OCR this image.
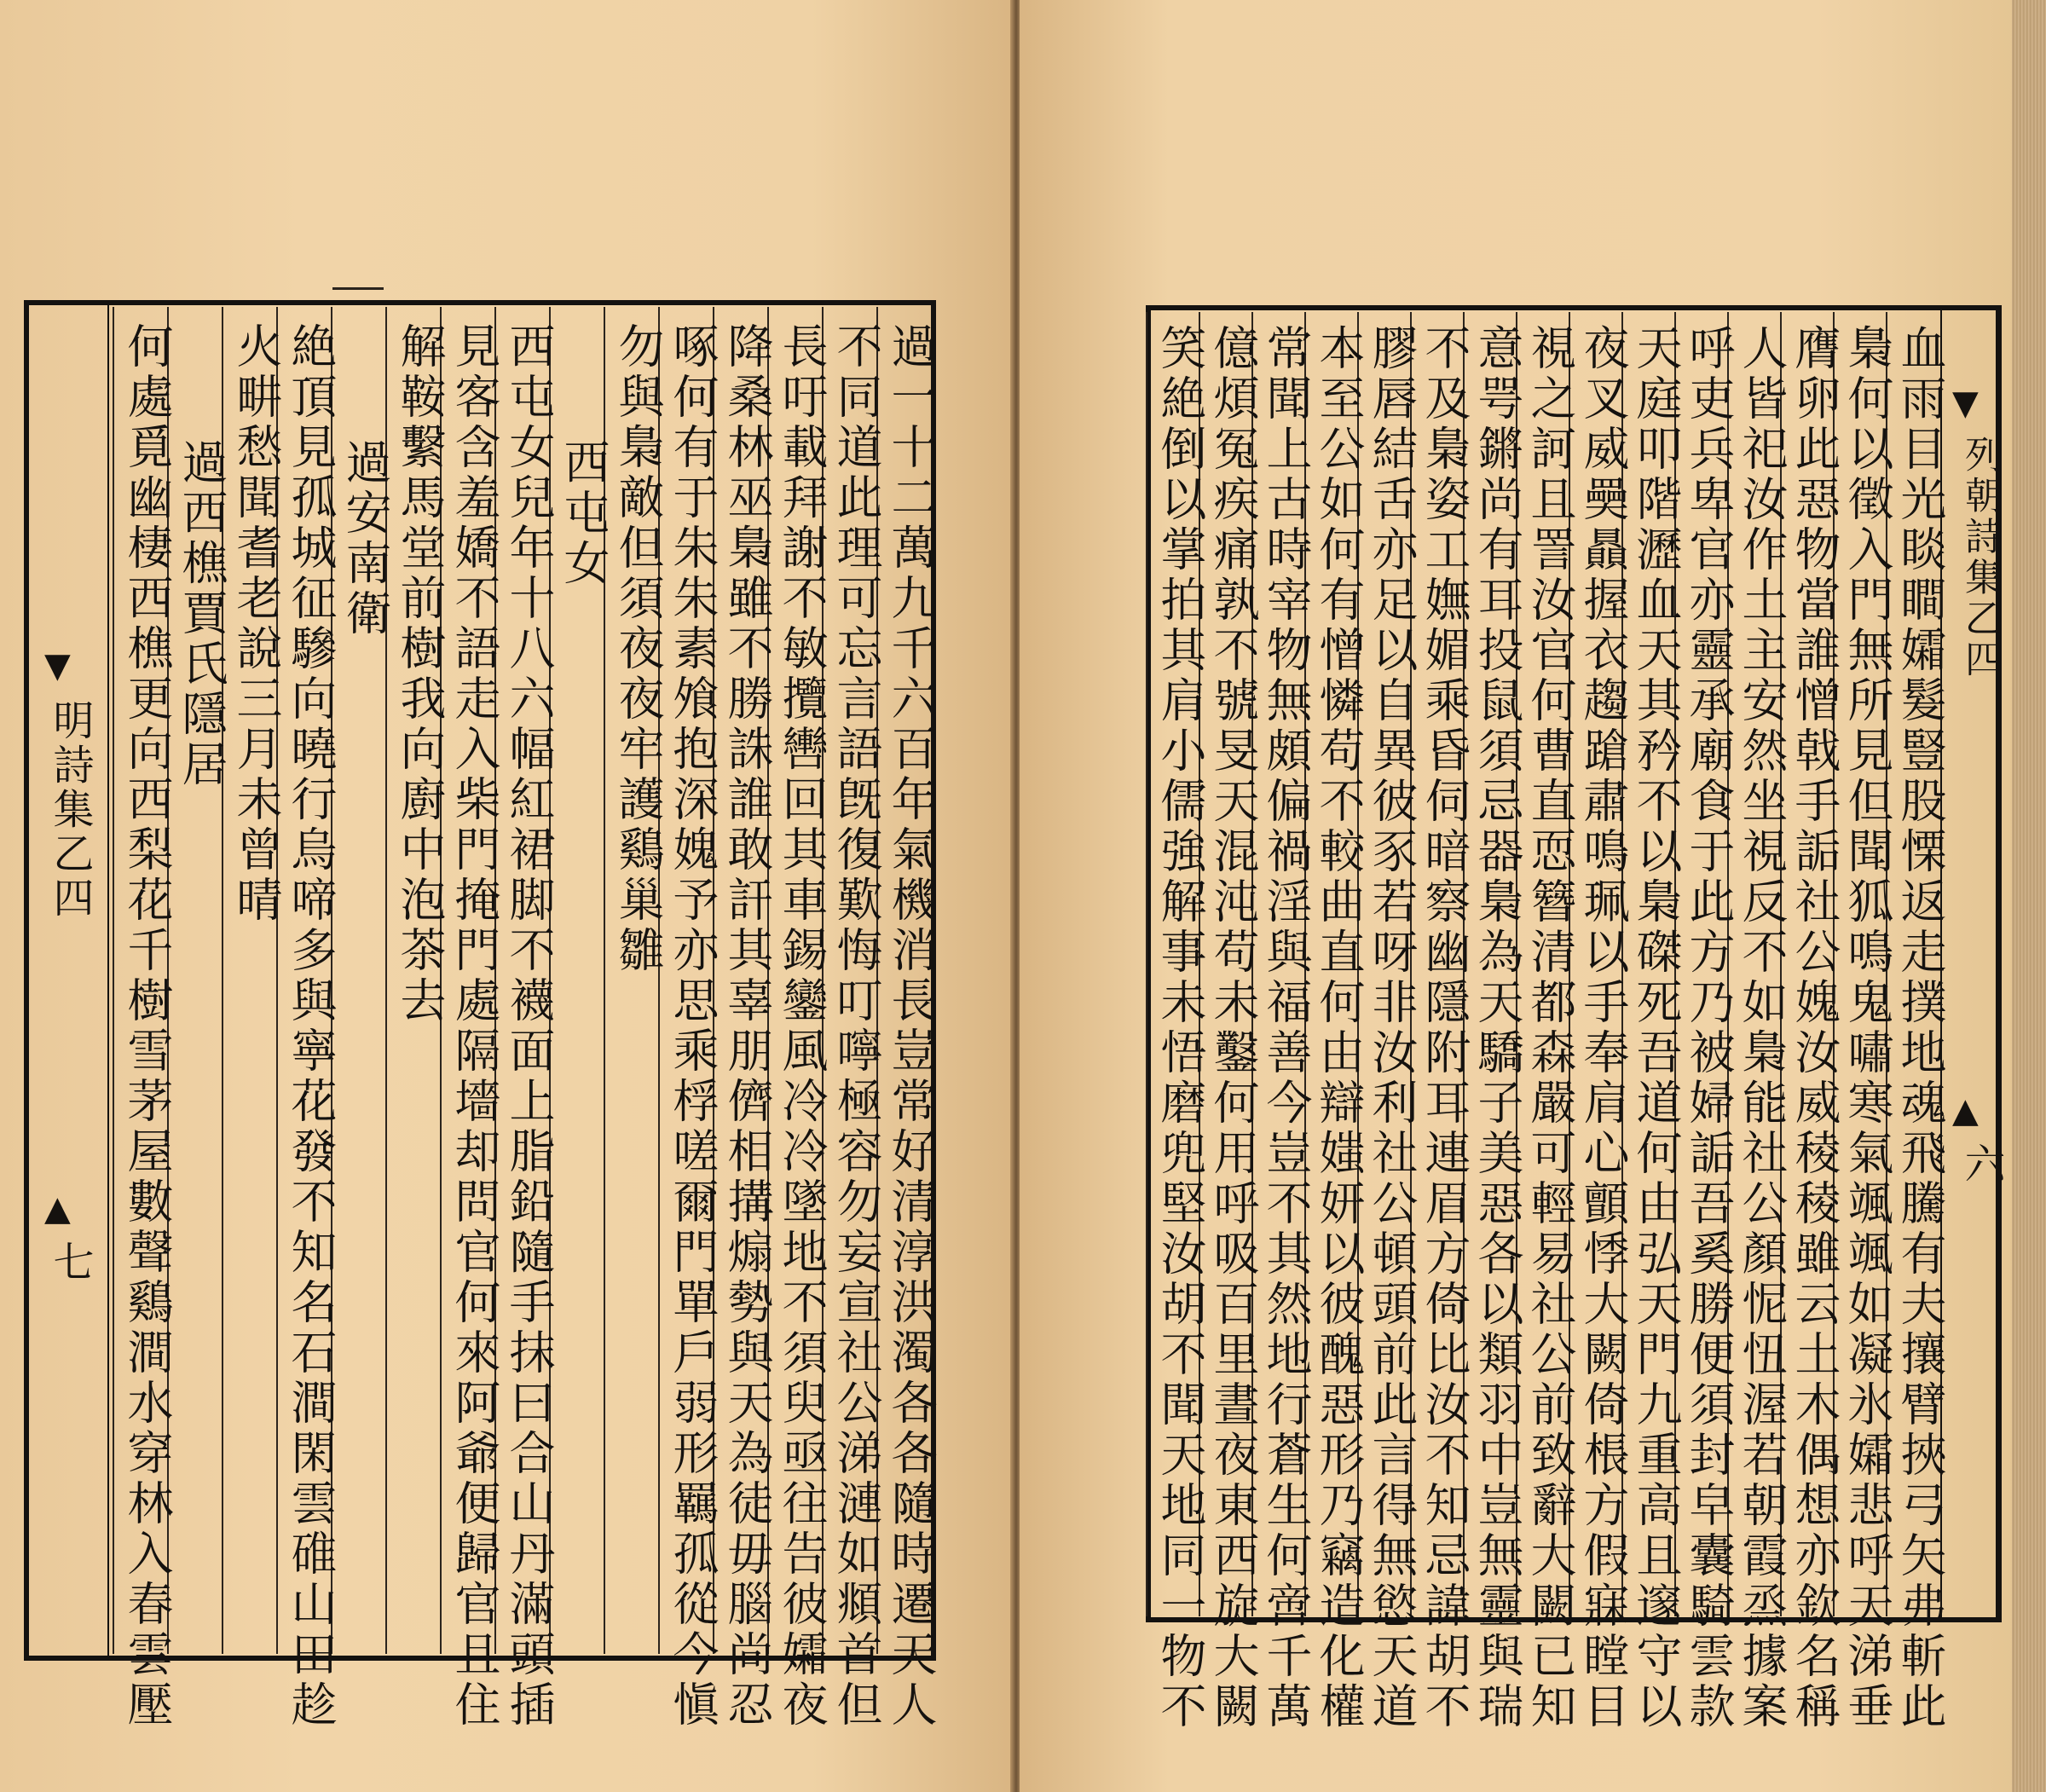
▼
明詩集乙四
▲
七	過一十二萬九千六百年氣機消長豈常好清淳洪濁各各隨時遷天人
不同道此理可忘言語旣復歎悔叮嚀極容勿妄宣社公涕漣如頫首但
長吁載拜謝不敏攬轡回其車錫鑾風冷冷墜地不須臾亟往告彼孀夜
降桑林巫梟雖不勝誅誰敢訐其辜朋儕相搆煽勢與天為徒毋腦尚忍
啄何有于朱朱素飧抱深媿予亦思乘桴嗟爾門單戶弱形羈孤從今愼
勿與梟敵但須夜夜牢護鷄巢雛
西屯女
西屯女兒年十八六幅紅裙脚不襪面上脂鉛隨手抹曰合山丹滿頭插
見客含羞嬌不語走入柴門掩門處隔墻却問官何來阿爺便歸官且住
解鞍繫馬堂前樹我向廚中泡茶去
過安南衛
絶頂見孤城征驂向曉行烏啼多與寧花發不知名石澗閑雲碓山田趁
火畊愁聞耆老說三月未曾晴
過西樵賈氏隱居
何處覓幽棲西樵更向西梨花千樹雪茅屋數聲鷄澗水穿林入春雲壓	▼
列朝詩集乙四
▲
六
血雨目光睒瞷孀髮豎股慄返走撲地魂飛騰有夫攘臂挾弓矢弗斬此
梟何以徵入門無所見但聞狐鳴鬼嘯寒氣颯颯如凝氷孀悲呼天涕垂
膺卵此惡物當誰憎戟手詬社公媿汝威稜稜雖云土木偶想亦欽名稱
人皆祀汝作土主安然坐視反不如梟能社公顏怩忸渥若朝霞烝據案
呼吏兵卑官亦靈承廟食于此方乃被婦詬吾奚勝便須封皁囊騎雲款
天庭叩階瀝血天其矜不以梟磔死吾道何由弘天門九重高且邃守以
夜叉威奰贔握衣趨蹌肅鳴珮以手奉肩心顫悸大闕倚棖方假寐瞠目
視之訶且詈汝官何曹直恧簪清都森嚴可輕易社公前致辭大闕已知
意咢鏘尚有耳投鼠須忌器梟為天驕子美惡各以類羽中豈無靈與瑞
不及梟姿工嫵媚乘昏伺暗察幽隱附耳連眉方倚比汝不知忌諱胡不
膠唇結舌亦足以自異彼豕若呀非汝利社公頓頭前此言得無慾天道
本至公如何有憎憐苟不較曲直何由辯媸妍以彼醜惡形乃竊造化權
常聞上古時宰物無頗偏禍淫與福善今豈不其然地行蒼生何啻千萬
億煩冤疾痛孰不號旻天混沌苟未鑿何用呼吸百里晝夜東西旋大闕
笑絶倒以掌拍其肩小儒強解事未悟磨兜堅汝胡不聞天地同一物不
